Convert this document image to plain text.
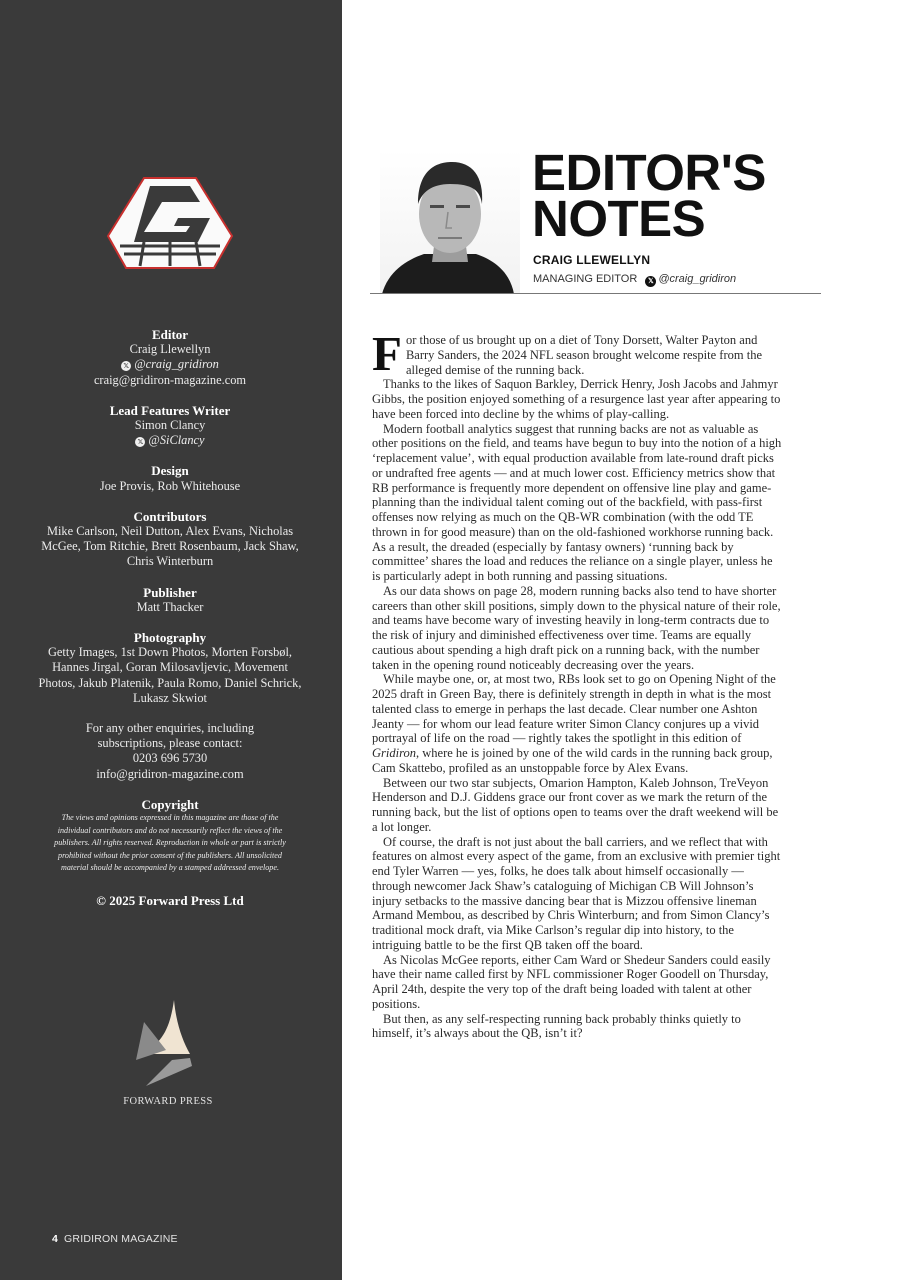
Editor
Craig Llewellyn
𝕏 @craig_gridiron
craig@gridiron-magazine.com
Lead Features Writer
Simon Clancy
𝕏 @SiClancy
Design
Joe Provis, Rob Whitehouse
Contributors
Mike Carlson, Neil Dutton, Alex Evans, Nicholas
McGee, Tom Ritchie, Brett Rosenbaum, Jack Shaw,
Chris Winterburn
Publisher
Matt Thacker
Photography
Getty Images, 1st Down Photos, Morten Forsbøl,
Hannes Jirgal, Goran Milosavljevic, Movement
Photos, Jakub Platenik, Paula Romo, Daniel Schrick,
Lukasz Skwiot
For any other enquiries, including
subscriptions, please contact:
0203 696 5730
info@gridiron-magazine.com
Copyright
The views and opinions expressed in this magazine are those of the
individual contributors and do not necessarily reflect the views of the
publishers. All rights reserved. Reproduction in whole or part is strictly
prohibited without the prior consent of the publishers. All unsolicited
material should be accompanied by a stamped addressed envelope.
© 2025 Forward Press Ltd
FORWARD PRESS
4 GRIDIRON MAGAZINE
EDITOR'S
NOTES
CRAIG LLEWELLYN
MANAGING EDITOR 𝕏 @craig_gridiron

For those of us brought up on a diet of Tony Dorsett, Walter Payton and Barry Sanders, the 2024 NFL season brought welcome respite from the alleged demise of the running back.

Thanks to the likes of Saquon Barkley, Derrick Henry, Josh Jacobs and Jahmyr Gibbs, the position enjoyed something of a resurgence last year after appearing to have been forced into decline by the whims of play-calling.

Modern football analytics suggest that running backs are not as valuable as other positions on the field, and teams have begun to buy into the notion of a high ‘replacement value’, with equal production available from late-round draft picks or undrafted free agents — and at much lower cost. Efficiency metrics show that RB performance is frequently more dependent on offensive line play and game-planning than the individual talent coming out of the backfield, with pass-first offenses now relying as much on the QB-WR combination (with the odd TE thrown in for good measure) than on the old-fashioned workhorse running back. As a result, the dreaded (especially by fantasy owners) ‘running back by committee’ shares the load and reduces the reliance on a single player, unless he is particularly adept in both running and passing situations.

As our data shows on page 28, modern running backs also tend to have shorter careers than other skill positions, simply down to the physical nature of their role, and teams have become wary of investing heavily in long-term contracts due to the risk of injury and diminished effectiveness over time. Teams are equally cautious about spending a high draft pick on a running back, with the number taken in the opening round noticeably decreasing over the years.

While maybe one, or, at most two, RBs look set to go on Opening Night of the 2025 draft in Green Bay, there is definitely strength in depth in what is the most talented class to emerge in perhaps the last decade. Clear number one Ashton Jeanty — for whom our lead feature writer Simon Clancy conjures up a vivid portrayal of life on the road — rightly takes the spotlight in this edition of Gridiron, where he is joined by one of the wild cards in the running back group, Cam Skattebo, profiled as an unstoppable force by Alex Evans.

Between our two star subjects, Omarion Hampton, Kaleb Johnson, TreVeyon Henderson and D.J. Giddens grace our front cover as we mark the return of the running back, but the list of options open to teams over the draft weekend will be a lot longer.

Of course, the draft is not just about the ball carriers, and we reflect that with features on almost every aspect of the game, from an exclusive with premier tight end Tyler Warren — yes, folks, he does talk about himself occasionally — through newcomer Jack Shaw’s cataloguing of Michigan CB Will Johnson’s injury setbacks to the massive dancing bear that is Mizzou offensive lineman Armand Membou, as described by Chris Winterburn; and from Simon Clancy’s traditional mock draft, via Mike Carlson’s regular dip into history, to the intriguing battle to be the first QB taken off the board.

As Nicolas McGee reports, either Cam Ward or Shedeur Sanders could easily have their name called first by NFL commissioner Roger Goodell on Thursday, April 24th, despite the very top of the draft being loaded with talent at other positions.

But then, as any self-respecting running back probably thinks quietly to himself, it’s always about the QB, isn’t it?
